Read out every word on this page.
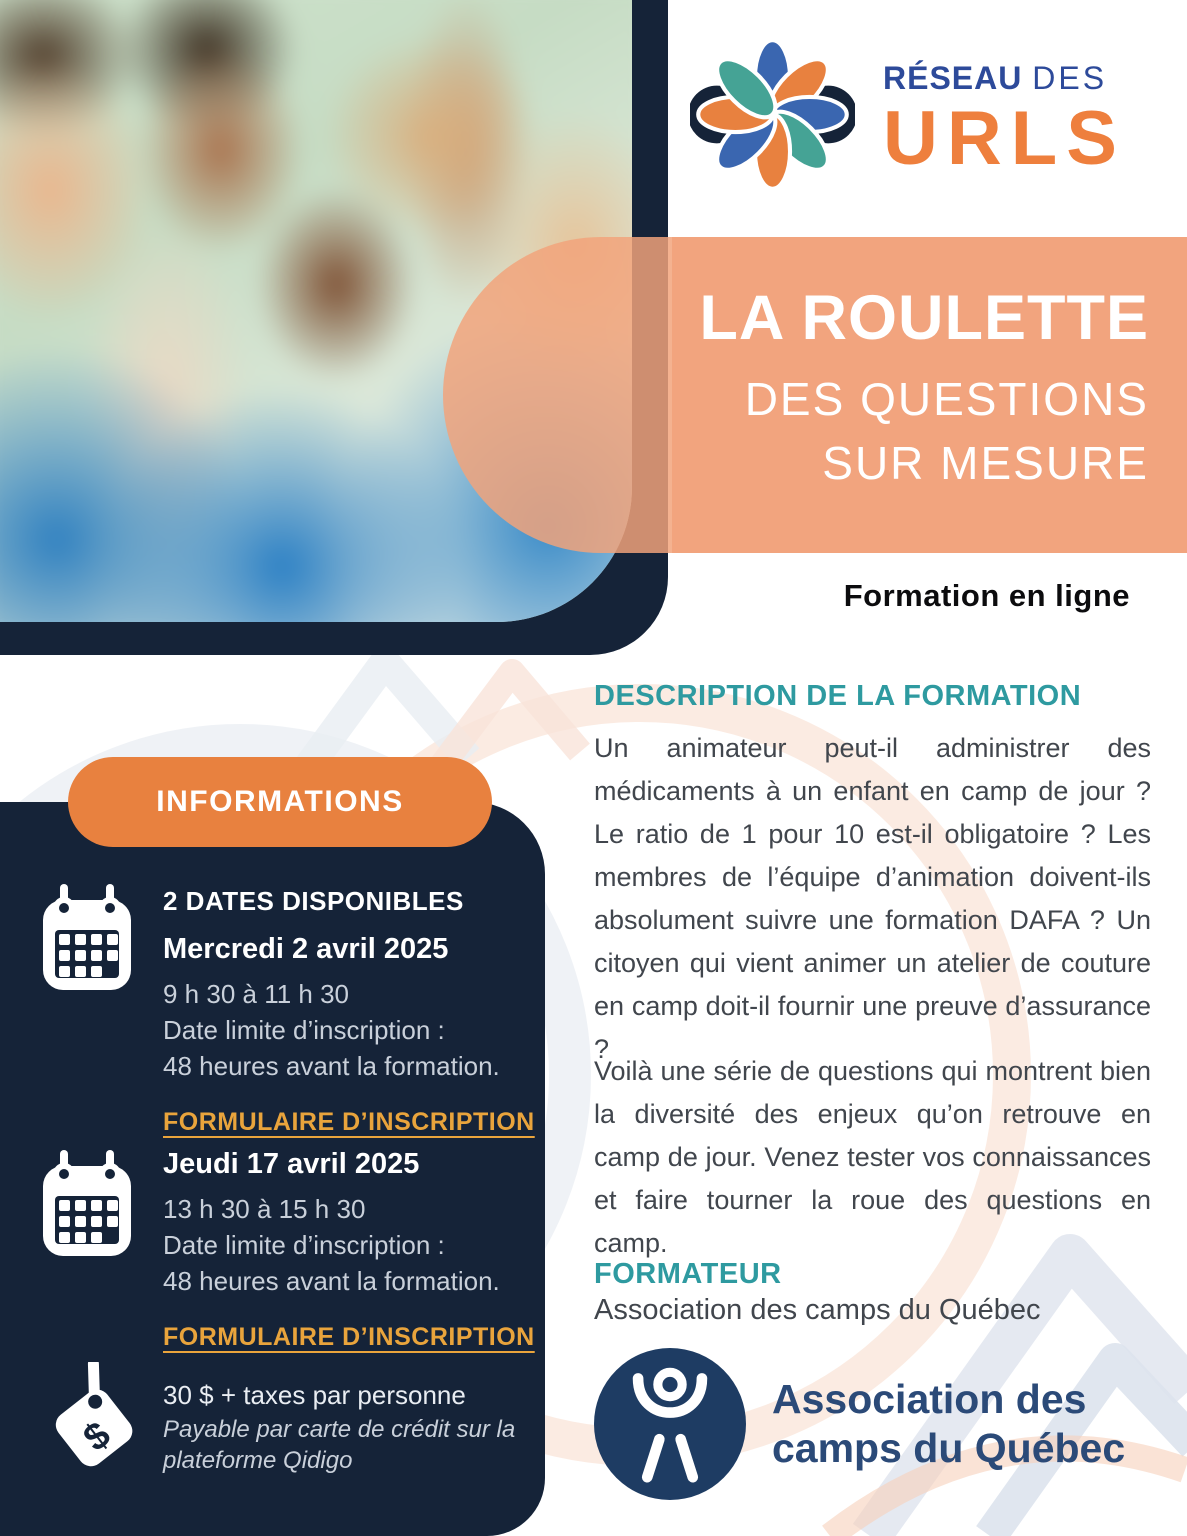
RÉSEAU DES
URLS
LA ROULETTE
DES QUESTIONS
SUR MESURE
Formation en ligne
DESCRIPTION DE LA FORMATION
Un animateur peut-il administrer des médicaments à un enfant en camp de jour ? Le ratio de 1 pour 10 est-il obligatoire ? Les membres de l’équipe d’animation doivent-ils absolument suivre une formation DAFA ? Un citoyen qui vient animer un atelier de couture en camp doit-il fournir une preuve d’assurance ?
Voilà une série de questions qui montrent bien la diversité des enjeux qu’on retrouve en camp de jour. Venez tester vos connaissances et faire tourner la roue des questions en camp.
FORMATEUR
Association des camps du Québec
Association des
camps du Québec
INFORMATIONS
2 DATES DISPONIBLES
Mercredi 2 avril 2025
9 h 30 à 11 h 30
Date limite d’inscription :
48 heures avant la formation.
FORMULAIRE D’INSCRIPTION
Jeudi 17 avril 2025
13 h 30 à 15 h 30
Date limite d’inscription :
48 heures avant la formation.
FORMULAIRE D’INSCRIPTION
$
30 $ + taxes par personne
Payable par carte de crédit sur la
plateforme Qidigo
